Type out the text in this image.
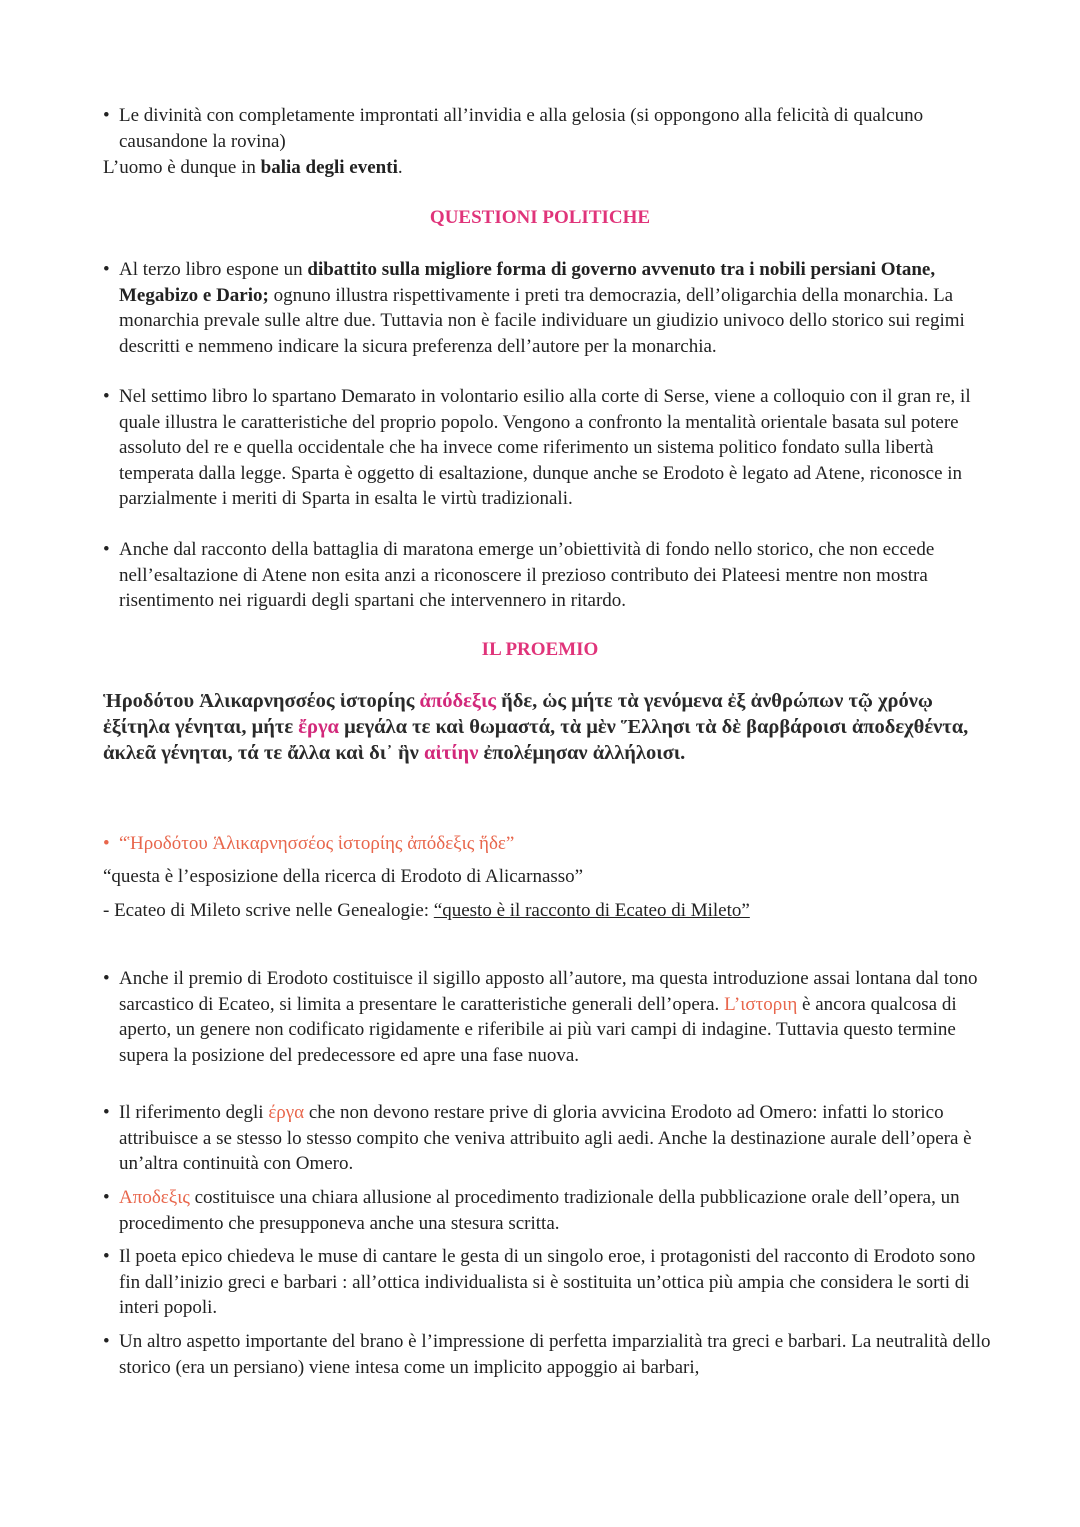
• Le divinità con completamente improntati all’invidia e alla gelosia (si oppongono alla felicità di qualcuno causandone la rovina)

L’uomo è dunque in balia degli eventi.

QUESTIONI POLITICHE
• Al terzo libro espone un dibattito sulla migliore forma di governo avvenuto tra i nobili persiani Otane, Megabizo e Dario; ognuno illustra rispettivamente i preti tra democrazia, dell’oligarchia della monarchia. La monarchia prevale sulle altre due. Tuttavia non è facile individuare un giudizio univoco dello storico sui regimi descritti e nemmeno indicare la sicura preferenza dell’autore per la monarchia.
• Nel settimo libro lo spartano Demarato in volontario esilio alla corte di Serse, viene a colloquio con il gran re, il quale illustra le caratteristiche del proprio popolo. Vengono a confronto la mentalità orientale basata sul potere assoluto del re e quella occidentale che ha invece come riferimento un sistema politico fondato sulla libertà temperata dalla legge. Sparta è oggetto di esaltazione, dunque anche se Erodoto è legato ad Atene, riconosce in parzialmente i meriti di Sparta in esalta le virtù tradizionali.
• Anche dal racconto della battaglia di maratona emerge un’obiettività di fondo nello storico, che non eccede nell’esaltazione di Atene non esita anzi a riconoscere il prezioso contributo dei Plateesi mentre non mostra risentimento nei riguardi degli spartani che intervennero in ritardo.
IL PROEMIO
Ἡροδότου Ἁλικαρνησσέος ἱστορίης ἀπόδεξις ἥδε, ὡς μήτε τὰ γενόμενα ἐξ ἀνθρώπων τῷ χρόνῳ ἐξίτηλα γένηται, μήτε ἔργα μεγάλα τε καὶ θωμαστά, τὰ μὲν Ἕλλησι τὰ δὲ βαρβάροισι ἀποδεχθέντα, ἀκλεᾶ γένηται, τά τε ἄλλα καὶ δι᾽ ἣν αἰτίην ἐπολέμησαν ἀλλήλοισι.
• “Ἡροδότου Ἁλικαρνησσέος ἱστορίης ἀπόδεξις ἥδε”

“questa è l’esposizione della ricerca di Erodoto di Alicarnasso”

- Ecateo di Mileto scrive nelle Genealogie: “questo è il racconto di Ecateo di Mileto”

• Anche il premio di Erodoto costituisce il sigillo apposto all’autore, ma questa introduzione assai lontana dal tono sarcastico di Ecateo, si limita a presentare le caratteristiche generali dell’opera. L’ιστοριη è ancora qualcosa di aperto, un genere non codificato rigidamente e riferibile ai più vari campi di indagine. Tuttavia questo termine supera la posizione del predecessore ed apre una fase nuova.
• Il riferimento degli έργα che non devono restare prive di gloria avvicina Erodoto ad Omero: infatti lo storico attribuisce a se stesso lo stesso compito che veniva attribuito agli aedi. Anche la destinazione aurale dell’opera è un’altra continuità con Omero.
• Αποδεξις costituisce una chiara allusione al procedimento tradizionale della pubblicazione orale dell’opera, un procedimento che presupponeva anche una stesura scritta.
• Il poeta epico chiedeva le muse di cantare le gesta di un singolo eroe, i protagonisti del racconto di Erodoto sono fin dall’inizio greci e barbari : all’ottica individualista si è sostituita un’ottica più ampia che considera le sorti di interi popoli.
• Un altro aspetto importante del brano è l’impressione di perfetta imparzialità tra greci e barbari. La neutralità dello storico (era un persiano) viene intesa come un implicito appoggio ai barbari,
